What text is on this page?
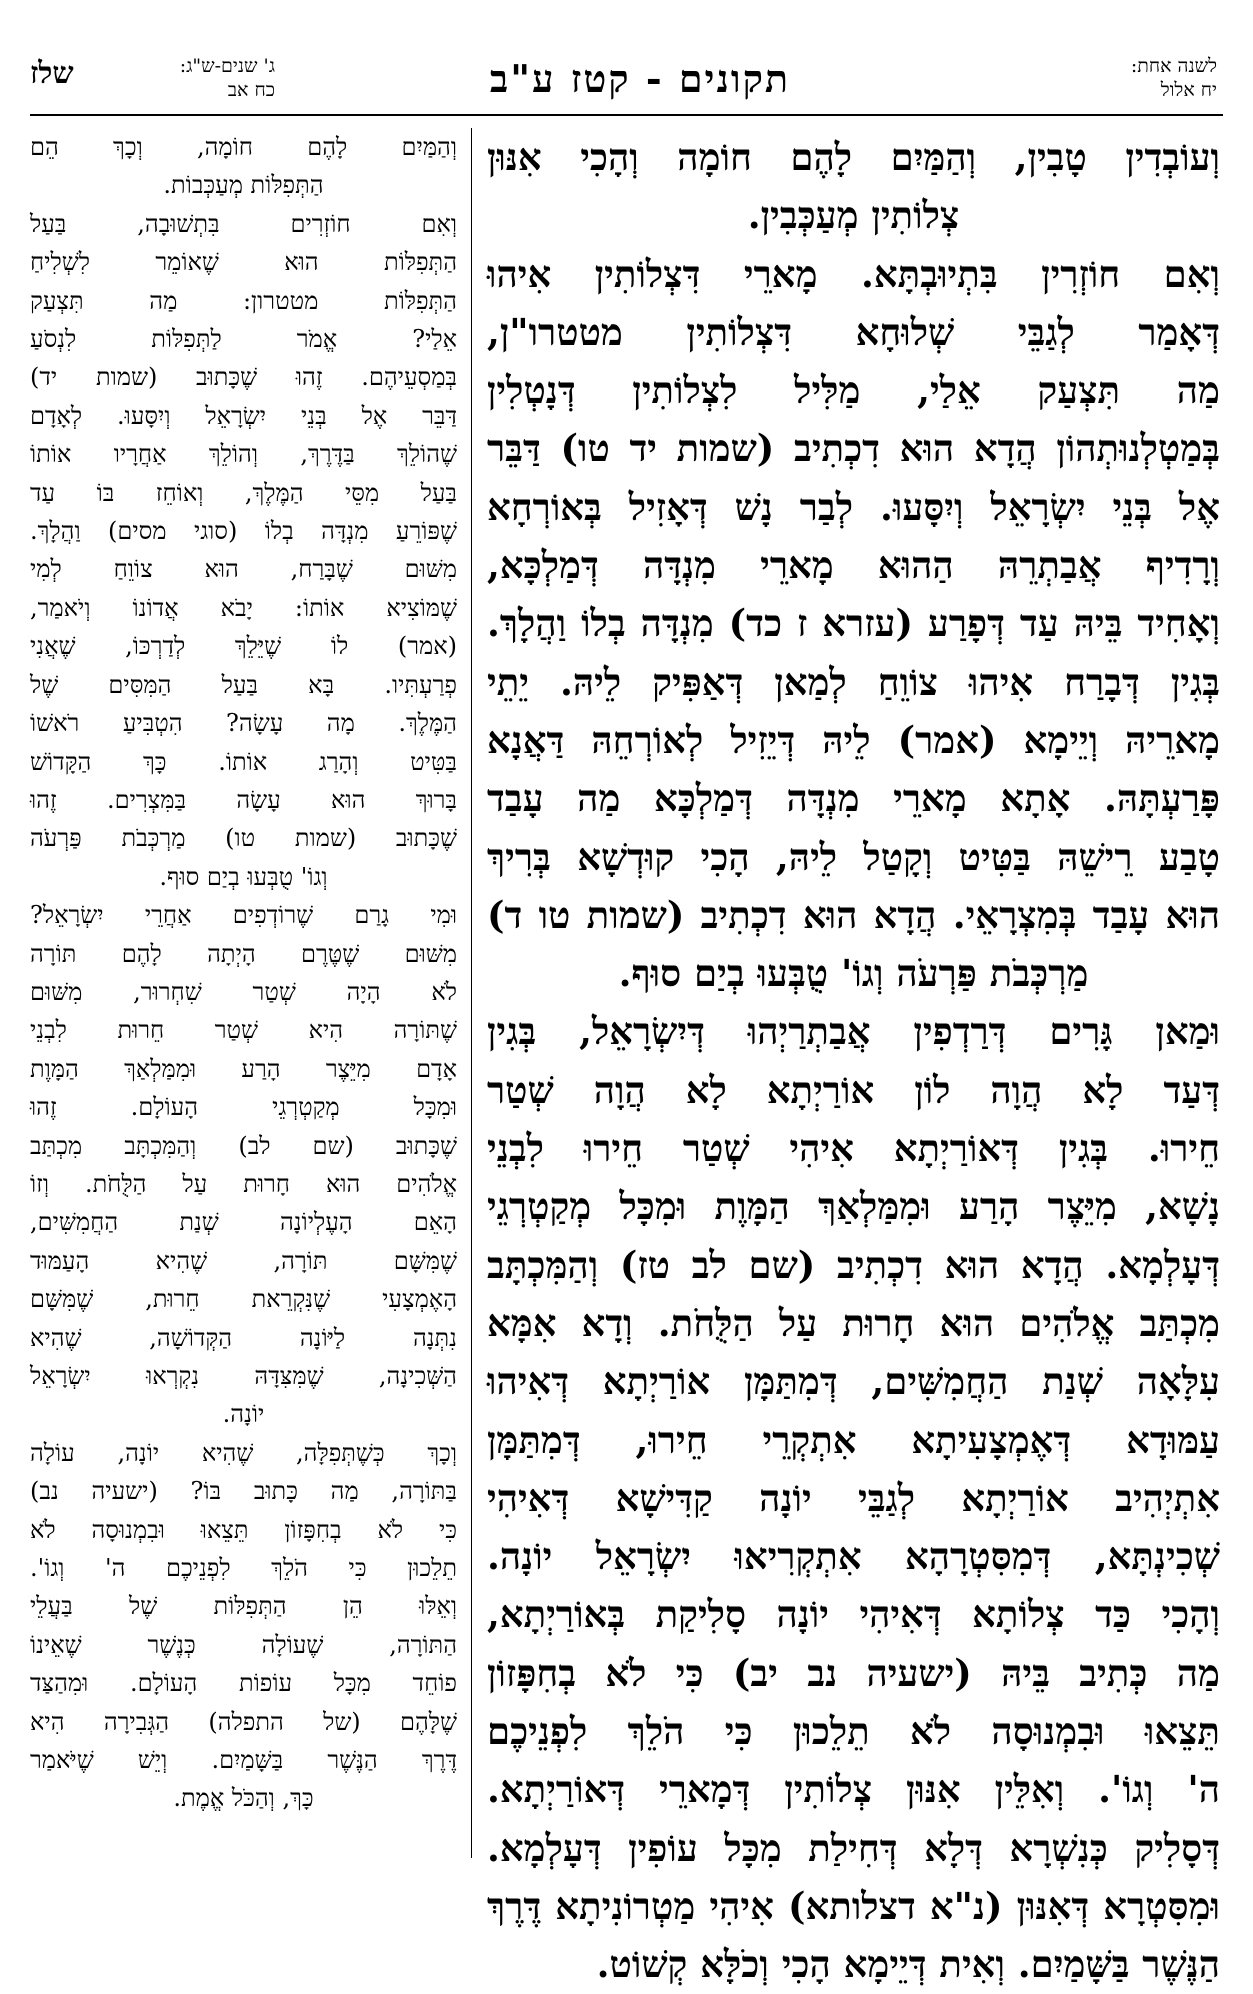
לשנה אחת:
יח אלול
תקונים - קטז ע"ב
ג' שנים-ש"ג:
כח אב
שלז
וְעוֹבְדִין טָבִין, וְהַמַּיִם לָהֶם חוֹמָה וְהָכִי אִנּוּן
צְלוֹתִין מְעַכְּבִין.
וְאִם חוֹזְרִין בִּתְיוּבְתָּא. מָארֵי דִּצְלוֹתִין אִיהוּ
דְּאָמַר לְגַבֵּי שְׁלוּחָא דִּצְלוֹתִין מטטרו"ן,
מַה תִּצְעַק אֵלַי, מַלִּיל לִצְלוֹתִין דְּנָטְלִין
בְּמַטְלְנוּתְהוֹן הֲדָא הוּא דִכְתִיב (שמות יד טו) דַּבֵּר
אֶל בְּנֵי יִשְׂרָאֵל וְיִסָּעוּ. לְבַר נָשׁ דְּאָזִיל בְּאוֹרְחָא
וְרָדִיף אֲבַתְרֵהּ הַהוּא מָארֵי מִנְדָּה דְּמַלְכָּא,
וְאָחִיד בֵּיהּ עַד דְּפָרַע (עזרא ז כד) מִנְדָּה בְלוֹ וַהֲלָךְ.
בְּגִין דְּבָרַח אִיהוּ צוֹוֵחַ לְמַאן דְּאַפִּיק לֵיהּ. יֵתֵי
מָארֵיהּ וְיֵימָא (אמר) לֵיהּ דְּיֵזִיל לְאוֹרְחֵהּ דַּאֲנָא
פָּרַעְתָּהּ. אָתָא מָארֵי מִנְדָּה דְּמַלְכָּא מַה עָבַד
טָבַע רֵישֵׁהּ בַּטִּיט וְקָטַל לֵיהּ, הָכִי קוּדְשָׁא בְּרִיךְ
הוּא עָבַד בְּמִצְרָאֵי. הֲדָא הוּא דִכְתִיב (שמות טו ד)
מַרְכְּבֹת פַּרְעֹה וְגוֹ' טֻבְּעוּ בְיַם סוּף.
וּמַאן גָּרִים דְּרַדְפִין אֲבַתְרַיְהוּ דְּיִשְׂרָאֵל, בְּגִין
דְּעַד לָא הֲוָה לוֹן אוֹרַיְתָא לָא הֲוָה שְׁטַר
חֵירוּ. בְּגִין דְּאוֹרַיְתָא אִיהִי שְׁטַר חֵירוּ לִבְנֵי
נָשָׁא, מִיֵּצֶר הָרַע וּמִמַּלְאַךְ הַמָּוֶת וּמִכָּל מְקַטְרְגֵי
דְּעָלְמָא. הֲדָא הוּא דִכְתִיב (שם לב טז) וְהַמִּכְתָּב
מִכְתַּב אֱלֹהִים הוּא חָרוּת עַל הַלֻּחֹת. וְדָא אִמָּא
עִלָּאָה שְׁנַת הַחֲמִשִּׁים, דְּמִתַּמָּן אוֹרַיְתָא דְּאִיהוּ
עַמּוּדָא דְּאֶמְצָעִיתָא אִתְקְרֵי חֵירוּ, דְּמִתַּמָּן
אִתְיְהִיב אוֹרַיְתָא לְגַבֵּי יוֹנָה קַדִּישָׁא דְּאִיהִי
שְׁכִינְתָּא, דְּמִסִּטְרָהָא אִתְקְרִיאוּ יִשְׂרָאֵל יוֹנָה.
וְהָכִי כַּד צְלוֹתָא דְּאִיהִי יוֹנָה סָלִיקַת בְּאוֹרַיְתָא,
מַה כְּתִיב בֵּיהּ (ישעיה נב יב) כִּי לֹא בְחִפָּזוֹן
תֵּצֵאוּ וּבִמְנוּסָה לֹא תֵלֵכוּן כִּי הֹלֵךְ לִפְנֵיכֶם
ה' וְגוֹ'. וְאִלֵּין אִנּוּן צְלוֹתִין דְּמָארֵי דְּאוֹרַיְתָא.
דְּסָלִיק כְּנִשְׁרָא דְּלָא דְּחִילַת מִכָּל עוֹפִין דְּעָלְמָא.
וּמִסִּטְרָא דְּאִנּוּן (נ"א דצלותא) אִיהִי מַטְרוֹנִיתָא דֶּרֶךְ
הַנֶּשֶׁר בַּשָּׁמַיִם. וְאִית דְּיֵימָא הָכִי וְכֹלָּא קְשׁוֹט.
וְהַמַּיִם לָהֶם חוֹמָה, וְכָךְ הֵם
הַתְּפִלּוֹת מְעַכְּבוֹת.
וְאִם חוֹזְרִים בִּתְשׁוּבָה, בַּעַל
הַתְּפִלּוֹת הוּא שֶׁאוֹמֵר לִשְׁלִיחַ
הַתְּפִלּוֹת מטטרון: מַה תִּצְעַק
אֵלַי? אֱמֹר לַתְּפִלּוֹת לִנְסֹעַ
בְּמַסְעֵיהֶם. זֶהוּ שֶׁכָּתוּב (שמות יד)
דַּבֵּר אֶל בְּנֵי יִשְׂרָאֵל וְיִסָּעוּ. לְאָדָם
שֶׁהוֹלֵךְ בַּדֶּרֶךְ, וְהוֹלֵךְ אַחֲרָיו אוֹתוֹ
בַּעַל מִסֵּי הַמֶּלֶךְ, וְאוֹחֵז בּוֹ עַד
שֶׁפּוֹרֵעַ מִנְדָּה בְלוֹ (סוגי מסים) וַהֲלָךְ.
מִשּׁוּם שֶׁבָּרַח, הוּא צוֹוֵחַ לְמִי
שֶׁמּוֹצִיא אוֹתוֹ: יָבֹא אֲדוֹנוֹ וְיֹאמַר,
(אמר) לוֹ שֶׁיֵּלֵךְ לְדַרְכּוֹ, שֶׁאֲנִי
פְרַעְתִּיו. בָּא בַּעַל הַמִּסִּים שֶׁל
הַמֶּלֶךְ. מָה עָשָׂה? הִטְבִּיעַ רֹאשׁוֹ
בַּטִּיט וְהָרַג אוֹתוֹ. כָּךְ הַקָּדוֹשׁ
בָּרוּךְ הוּא עָשָׂה בַּמִּצְרִים. זֶהוּ
שֶׁכָּתוּב (שמות טו) מַרְכְּבֹת פַּרְעֹה
וְגוֹ' טֻבְּעוּ בְיַם סוּף.
וּמִי גָרַם שֶׁרוֹדְפִים אַחֲרֵי יִשְׂרָאֵל?
מִשּׁוּם שֶׁטֶּרֶם הָיְתָה לָהֶם תּוֹרָה
לֹא הָיָה שְׁטַר שִׁחְרוּר, מִשּׁוּם
שֶׁתּוֹרָה הִיא שְׁטַר חֵרוּת לִבְנֵי
אָדָם מִיֵּצֶר הָרַע וּמִמַּלְאַךְ הַמָּוֶת
וּמִכָּל מְקַטְרְגֵי הָעוֹלָם. זֶהוּ
שֶׁכָּתוּב (שם לב) וְהַמִּכְתָּב מִכְתַּב
אֱלֹהִים הוּא חָרוּת עַל הַלֻּחֹת. וְזוֹ
הָאֵם הָעֶלְיוֹנָה שְׁנַת הַחֲמִשִּׁים,
שֶׁמִּשָּׁם תּוֹרָה, שֶׁהִיא הָעַמּוּד
הָאֶמְצָעִי שֶׁנִּקְרֵאת חֵרוּת, שֶׁמִּשָּׁם
נִתְּנָה לַיּוֹנָה הַקְּדוֹשָׁה, שֶׁהִיא
הַשְּׁכִינָה, שֶׁמִּצִּדָּהּ נִקְרְאוּ יִשְׂרָאֵל
יוֹנָה.
וְכָךְ כְּשֶׁתְּפִלָּה, שֶׁהִיא יוֹנָה, עוֹלָה
בַּתּוֹרָה, מַה כָּתוּב בּוֹ? (ישעיה נב)
כִּי לֹא בְחִפָּזוֹן תֵּצֵאוּ וּבִמְנוּסָה לֹא
תֵלֵכוּן כִּי הֹלֵךְ לִפְנֵיכֶם ה' וְגוֹ'.
וְאֵלּוּ הֵן הַתְּפִלּוֹת שֶׁל בַּעֲלֵי
הַתּוֹרָה, שֶׁעוֹלָה כְּנֶשֶׁר שֶׁאֵינוֹ
פוֹחֵד מִכָּל עוֹפוֹת הָעוֹלָם. וּמִהַצַּד
שֶׁלָּהֶם (של התפלה) הַגְּבִירָה הִיא
דֶּרֶךְ הַנֶּשֶׁר בַּשָּׁמַיִם. וְיֵשׁ שֶׁיֹּאמַר
כָּךְ, וְהַכֹּל אֱמֶת.
